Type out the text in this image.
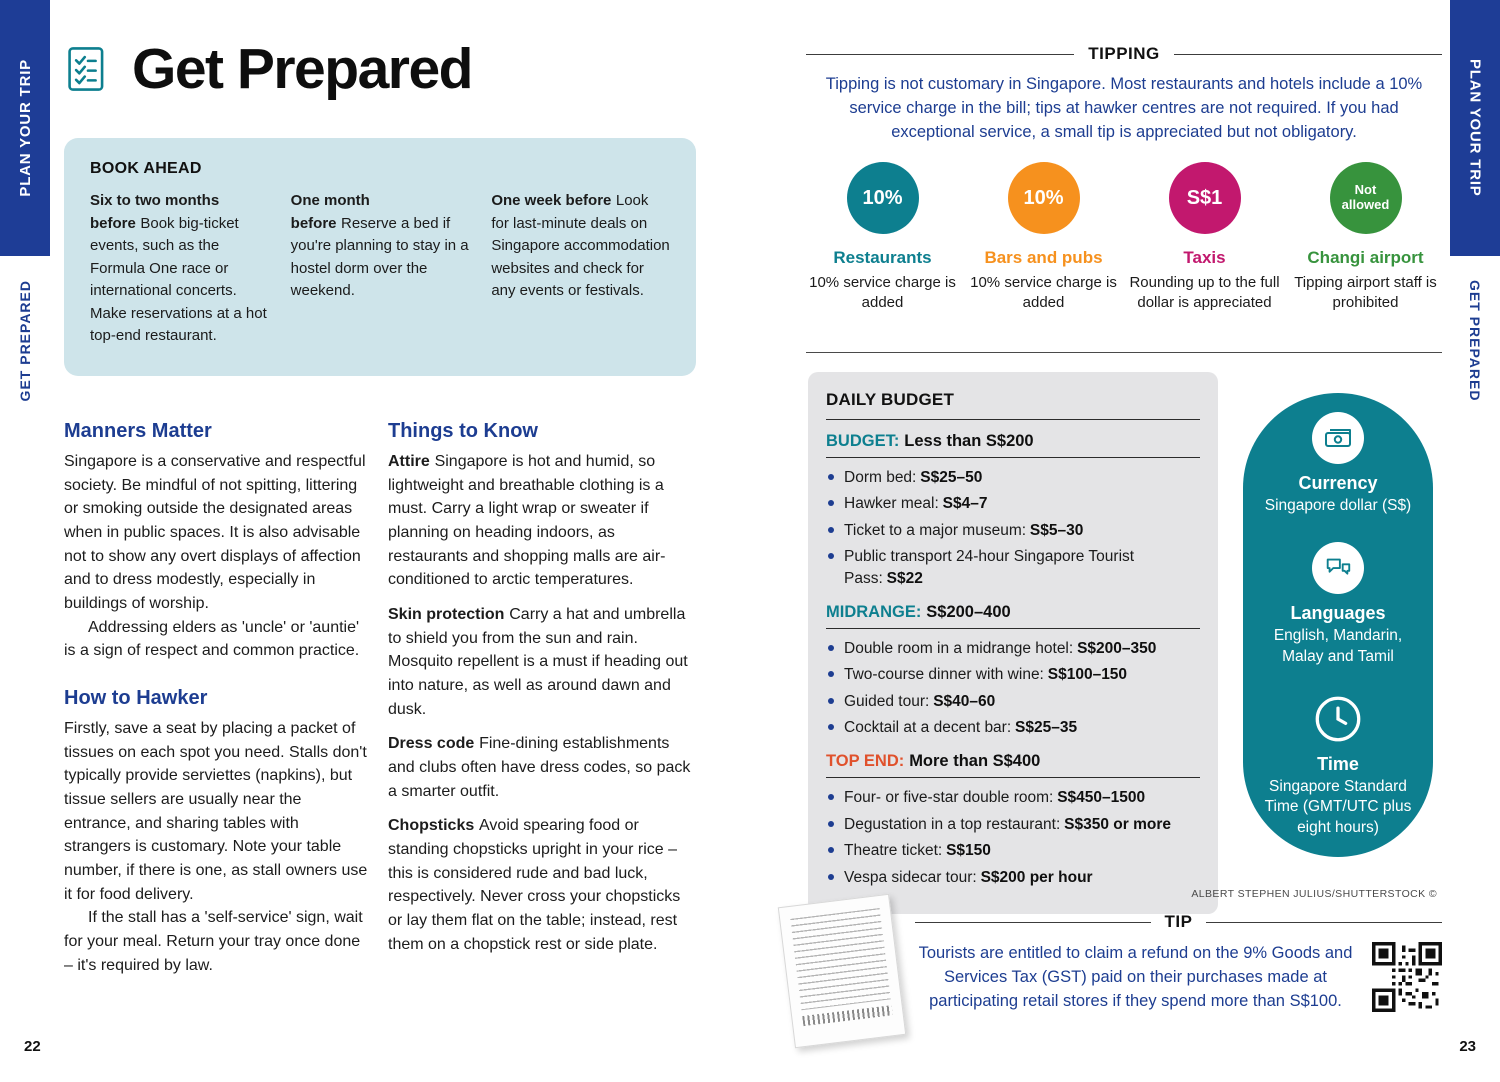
PLAN YOUR TRIP
GET PREPARED
PLAN YOUR TRIP
GET PREPARED
Get Prepared
BOOK AHEAD

Six to two months before Book big-ticket events, such as the Formula One race or international concerts. Make reservations at a hot top-end restaurant.

One month before Reserve a bed if you're planning to stay in a hostel dorm over the weekend.

One week before Look for last-minute deals on Singapore accommodation websites and check for any events or festivals.

Manners Matter

Singapore is a conservative and respectful society. Be mindful of not spitting, littering or smoking outside the designated areas when in public spaces. It is also advisable not to show any overt displays of affection and to dress modestly, especially in buildings of worship.

Addressing elders as 'uncle' or 'auntie' is a sign of respect and common practice.

How to Hawker

Firstly, save a seat by placing a packet of tissues on each spot you need. Stalls don't typically provide serviettes (napkins), but tissue sellers are usually near the entrance, and sharing tables with strangers is customary. Note your table number, if there is one, as stall owners use it for food delivery.

If the stall has a 'self-service' sign, wait for your meal. Return your tray once done – it's required by law.

Things to Know

Attire Singapore is hot and humid, so lightweight and breathable clothing is a must. Carry a light wrap or sweater if planning on heading indoors, as restaurants and shopping malls are air-conditioned to arctic temperatures.

Skin protection Carry a hat and umbrella to shield you from the sun and rain. Mosquito repellent is a must if heading out into nature, as well as around dawn and dusk.

Dress code Fine-dining establishments and clubs often have dress codes, so pack a smarter outfit.

Chopsticks Avoid spearing food or standing chopsticks upright in your rice – this is considered rude and bad luck, respectively. Never cross your chopsticks or lay them flat on the table; instead, rest them on a chopstick rest or side plate.

22
TIPPING

Tipping is not customary in Singapore. Most restaurants and hotels include a 10% service charge in the bill; tips at hawker centres are not required. If you had exceptional service, a small tip is appreciated but not obligatory.

10%
Restaurants
10% service charge is added
10%
Bars and pubs
10% service charge is added
S$1
Taxis
Rounding up to the full dollar is appreciated
Not allowed
Changi airport
Tipping airport staff is prohibited
DAILY BUDGET
BUDGET: Less than S$200
Dorm bed: S$25–50
Hawker meal: S$4–7
Ticket to a major museum: S$5–30
Public transport 24-hour Singapore Tourist Pass: S$22
MIDRANGE: S$200–400
Double room in a midrange hotel: S$200–350
Two-course dinner with wine: S$100–150
Guided tour: S$40–60
Cocktail at a decent bar: S$25–35
TOP END: More than S$400
Four- or five-star double room: S$450–1500
Degustation in a top restaurant: S$350 or more
Theatre ticket: S$150
Vespa sidecar tour: S$200 per hour
Currency
Singapore dollar (S$)
Languages
English, Mandarin, Malay and Tamil
Time
Singapore Standard Time (GMT/UTC plus eight hours)
ALBERT STEPHEN JULIUS/SHUTTERSTOCK ©
TIP

Tourists are entitled to claim a refund on the 9% Goods and Services Tax (GST) paid on their purchases made at participating retail stores if they spend more than S$100.

23
